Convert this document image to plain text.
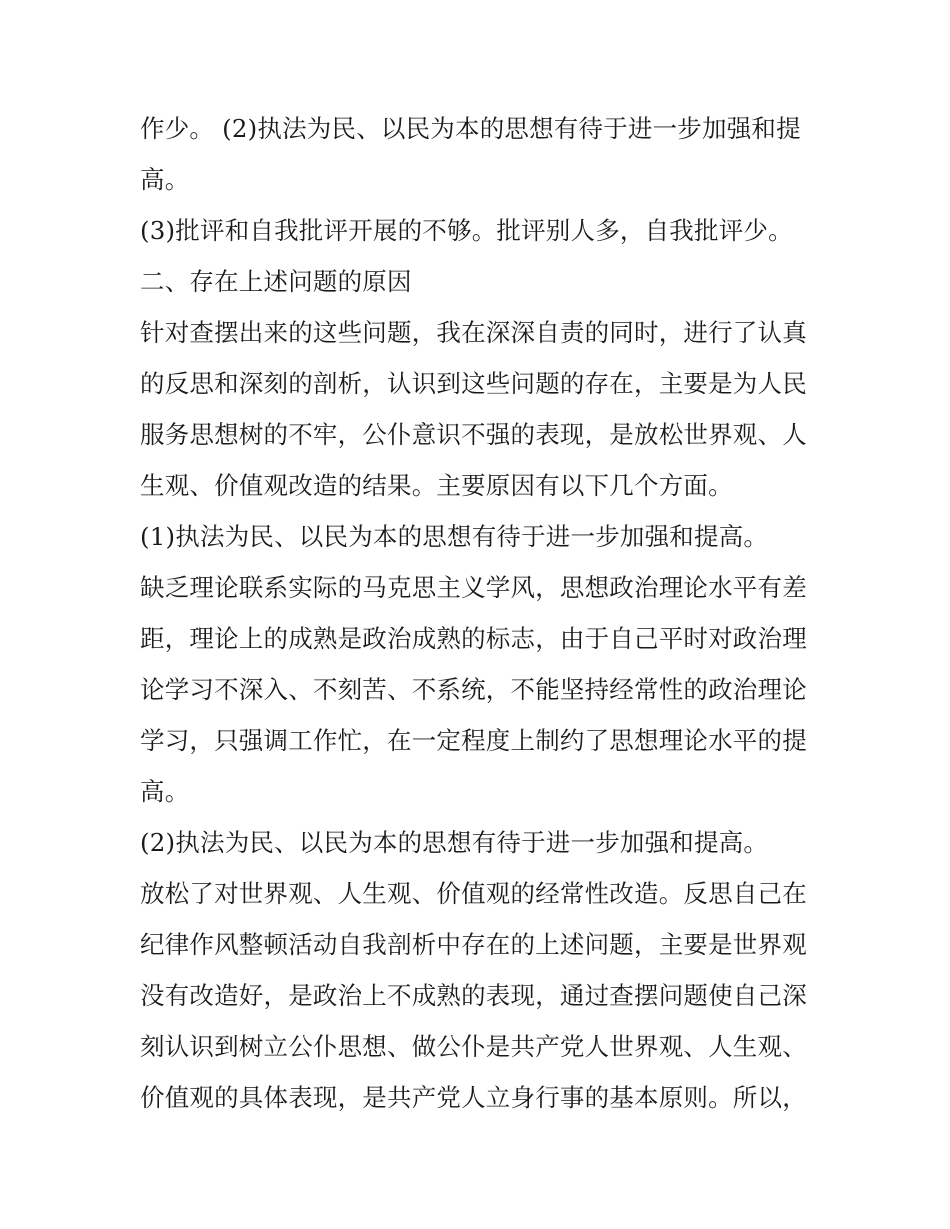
作少。 (2)执法为民、以民为本的思想有待于进一步加强和提
高。
(3)批评和自我批评开展的不够。批评别人多，自我批评少。
二、存在上述问题的原因
针对查摆出来的这些问题，我在深深自责的同时，进行了认真
的反思和深刻的剖析，认识到这些问题的存在，主要是为人民
服务思想树的不牢，公仆意识不强的表现，是放松世界观、人
生观、价值观改造的结果。主要原因有以下几个方面。
(1)执法为民、以民为本的思想有待于进一步加强和提高。
缺乏理论联系实际的马克思主义学风，思想政治理论水平有差
距，理论上的成熟是政治成熟的标志，由于自己平时对政治理
论学习不深入、不刻苦、不系统，不能坚持经常性的政治理论
学习，只强调工作忙，在一定程度上制约了思想理论水平的提
高。
(2)执法为民、以民为本的思想有待于进一步加强和提高。
放松了对世界观、人生观、价值观的经常性改造。反思自己在
纪律作风整顿活动自我剖析中存在的上述问题，主要是世界观
没有改造好，是政治上不成熟的表现，通过查摆问题使自己深
刻认识到树立公仆思想、做公仆是共产党人世界观、人生观、
价值观的具体表现，是共产党人立身行事的基本原则。所以，
